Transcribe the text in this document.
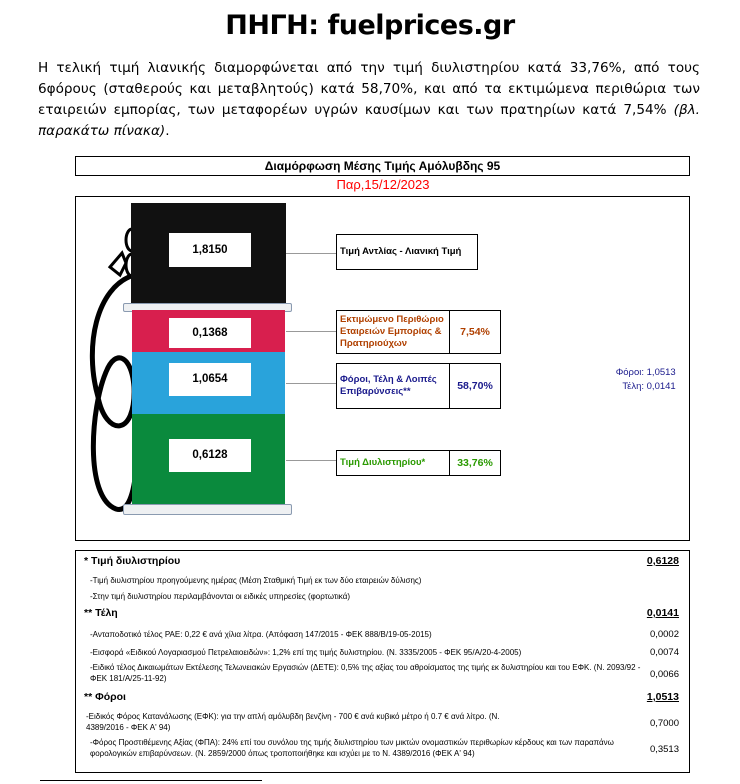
ΠΗΓΗ: fuelprices.gr
Η τελική τιμή λιανικής διαμορφώνεται από την τιμή διυλιστηρίου κατά 33,76%, από τους 6φόρους (σταθερούς και μεταβλητούς) κατά 58,70%, και από τα εκτιμώμενα περιθώρια των εταιρειών εμπορίας, των μεταφορέων υγρών καυσίμων και των πρατηρίων κατά 7,54% (βλ. παρακάτω πίνακα).
Διαμόρφωση Μέσης Τιμής Αμόλυβδης 95
Παρ,15/12/2023
1,8150
0,1368
1,0654
0,6128
Τιμή Αντλίας - Λιανική Τιμή
Εκτιμώμενο Περιθώριο Εταιρειών Εμπορίας & Πρατηριούχων
7,54%
Φόροι, Τέλη & Λοιπές Επιβαρύνσεις**	58,70%
Τιμή Διυλιστηρίου*	33,76%
Φόροι: 1,0513
Τέλη: 0,0141
* Τιμή διυλιστηρίου	0,6128
-Τιμή διυλιστηρίου προηγούμενης ημέρας (Μέση Σταθμική Τιμή εκ των δύο εταιρειών δύλισης)
-Στην τιμή διυλιστηρίου περιλαμβάνονται οι ειδικές υπηρεσίες (φορτωτικά)
** Τέλη	0,0141
-Ανταποδοτικό τέλος ΡΑΕ: 0,22 € ανά χίλια λίτρα. (Απόφαση 147/2015 - ΦΕΚ 888/Β/19-05-2015)	0,0002
-Εισφορά «Ειδικού Λογαριασμού Πετρελαιοειδών»: 1,2% επί της τιμής δυλιστηρίου. (Ν. 3335/2005 - ΦΕΚ 95/Α/20-4-2005)	0,0074
-Ειδικό τέλος Δικαιωμάτων Εκτέλεσης Τελωνειακών Εργασιών (ΔΕΤΕ): 0,5% της αξίας του αθροίσματος της τιμής εκ δυλιστηρίου και του ΕΦΚ. (Ν. 2093/92 - ΦΕΚ 181/Α/25-11-92)	0,0066
** Φόροι	1,0513
-Ειδικός Φόρος Κατανάλωσης (ΕΦΚ): για την απλή αμόλυβδη βενζίνη - 700 € ανά κυβικό μέτρο ή 0.7 € ανά λίτρο. (Ν. 4389/2016 - ΦΕΚ Α' 94)	0,7000
-Φόρος Προστιθέμενης Αξίας (ΦΠΑ): 24% επί του συνόλου της τιμής διυλιστηρίου των μικτών ονομαστικών περιθωρίων κέρδους και των παραπάνω φορολογικών επιβαρύνσεων. (Ν. 2859/2000 όπως τροποποιήθηκε και ισχύει με το Ν. 4389/2016 (ΦΕΚ Α' 94)	0,3513
